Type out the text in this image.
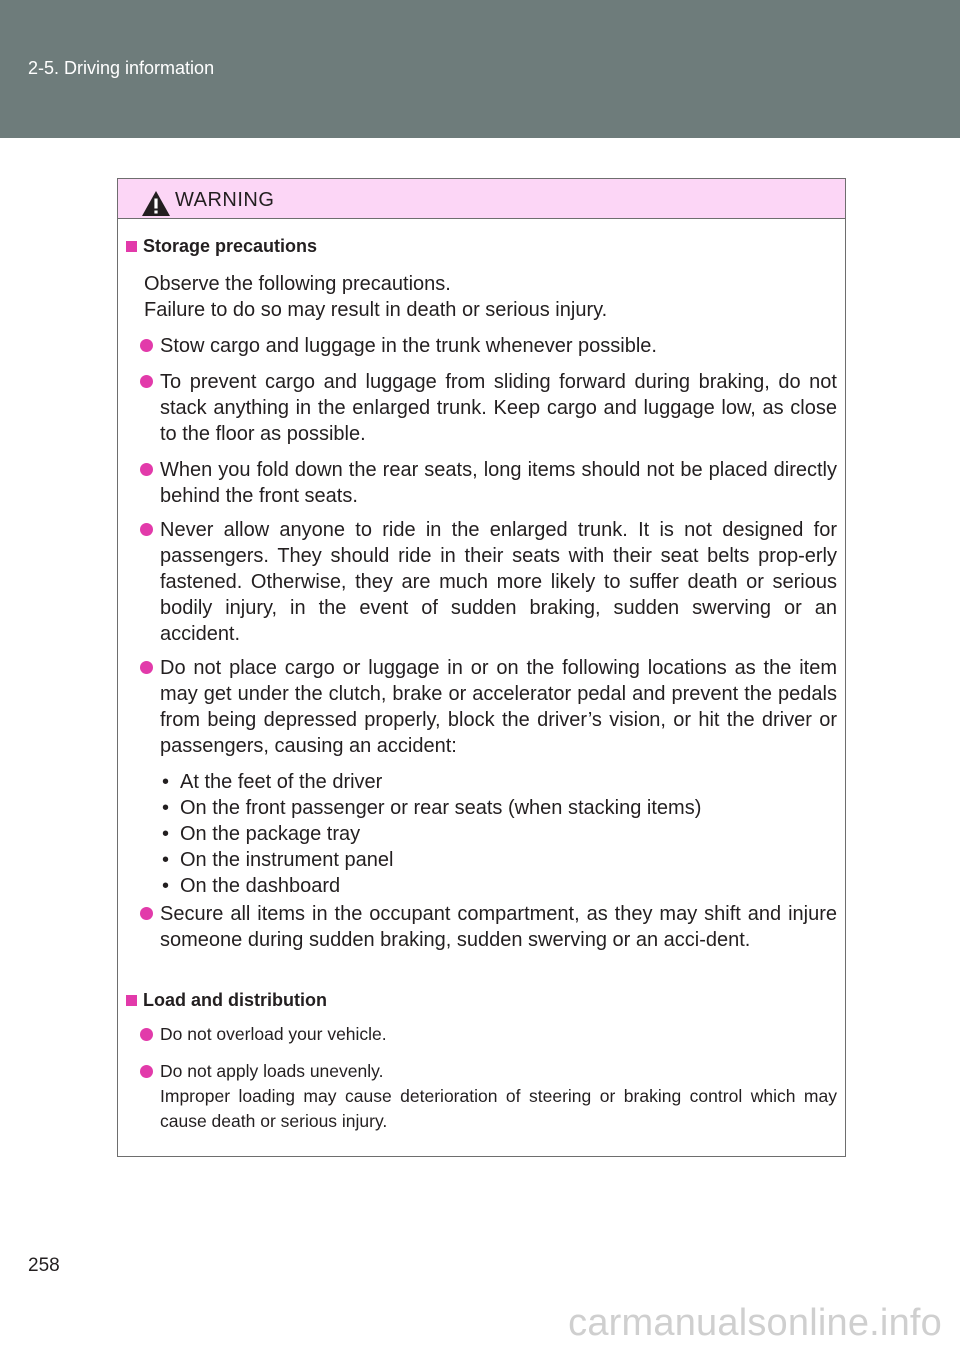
2-5. Driving information
WARNING
Storage precautions
Observe the following precautions.
Failure to do so may result in death or serious injury.
Stow cargo and luggage in the trunk whenever possible.
To prevent cargo and luggage from sliding forward during braking, do not stack anything in the enlarged trunk. Keep cargo and luggage low, as close to the floor as possible.
When you fold down the rear seats, long items should not be placed directly behind the front seats.
Never allow anyone to ride in the enlarged trunk. It is not designed for passengers. They should ride in their seats with their seat belts prop-erly fastened. Otherwise, they are much more likely to suffer death or serious bodily injury, in the event of sudden braking, sudden swerving or an accident.
Do not place cargo or luggage in or on the following locations as the item may get under the clutch, brake or accelerator pedal and prevent the pedals from being depressed properly, block the driver’s vision, or hit the driver or passengers, causing an accident:
• At the feet of the driver
• On the front passenger or rear seats (when stacking items)
• On the package tray
• On the instrument panel
• On the dashboard
Secure all items in the occupant compartment, as they may shift and injure someone during sudden braking, sudden swerving or an acci-dent.
Load and distribution
Do not overload your vehicle.
Do not apply loads unevenly.
Improper loading may cause deterioration of steering or braking control which may cause death or serious injury.
258
carmanualsonline.info
